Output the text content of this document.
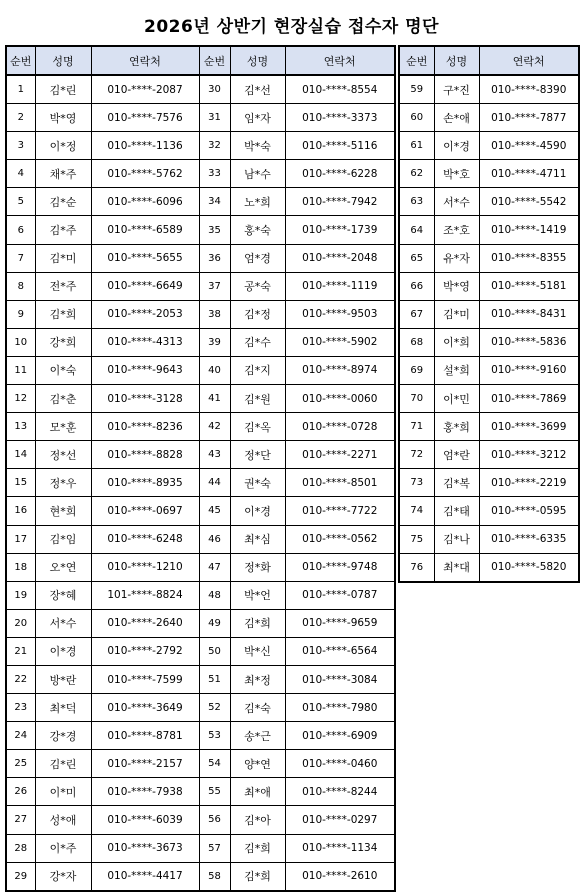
2026년 상반기 현장실습 접수자 명단
순번	성명	연락처	순번	성명	연락처
1	김*린	010-****-2087	30	김*선	010-****-8554
2	박*영	010-****-7576	31	임*자	010-****-3373
3	이*정	010-****-1136	32	박*숙	010-****-5116
4	채*주	010-****-5762	33	남*수	010-****-6228
5	김*순	010-****-6096	34	노*희	010-****-7942
6	김*주	010-****-6589	35	홍*숙	010-****-1739
7	김*미	010-****-5655	36	엄*경	010-****-2048
8	전*주	010-****-6649	37	공*숙	010-****-1119
9	김*희	010-****-2053	38	김*정	010-****-9503
10	강*희	010-****-4313	39	김*수	010-****-5902
11	이*숙	010-****-9643	40	김*지	010-****-8974
12	김*춘	010-****-3128	41	김*원	010-****-0060
13	모*훈	010-****-8236	42	김*옥	010-****-0728
14	정*선	010-****-8828	43	정*단	010-****-2271
15	정*우	010-****-8935	44	권*숙	010-****-8501
16	현*희	010-****-0697	45	이*경	010-****-7722
17	김*임	010-****-6248	46	최*심	010-****-0562
18	오*연	010-****-1210	47	정*화	010-****-9748
19	장*혜	101-****-8824	48	박*언	010-****-0787
20	서*수	010-****-2640	49	김*희	010-****-9659
21	이*경	010-****-2792	50	박*신	010-****-6564
22	방*란	010-****-7599	51	최*정	010-****-3084
23	최*덕	010-****-3649	52	김*숙	010-****-7980
24	강*경	010-****-8781	53	송*근	010-****-6909
25	김*린	010-****-2157	54	양*연	010-****-0460
26	이*미	010-****-7938	55	최*애	010-****-8244
27	성*애	010-****-6039	56	김*아	010-****-0297
28	이*주	010-****-3673	57	김*희	010-****-1134
29	강*자	010-****-4417	58	김*희	010-****-2610
순번	성명	연락처
59	구*진	010-****-8390
60	손*애	010-****-7877
61	이*경	010-****-4590
62	박*호	010-****-4711
63	서*수	010-****-5542
64	조*호	010-****-1419
65	유*자	010-****-8355
66	박*영	010-****-5181
67	김*미	010-****-8431
68	이*희	010-****-5836
69	설*희	010-****-9160
70	이*민	010-****-7869
71	홍*희	010-****-3699
72	엄*란	010-****-3212
73	김*복	010-****-2219
74	김*태	010-****-0595
75	김*나	010-****-6335
76	최*대	010-****-5820
